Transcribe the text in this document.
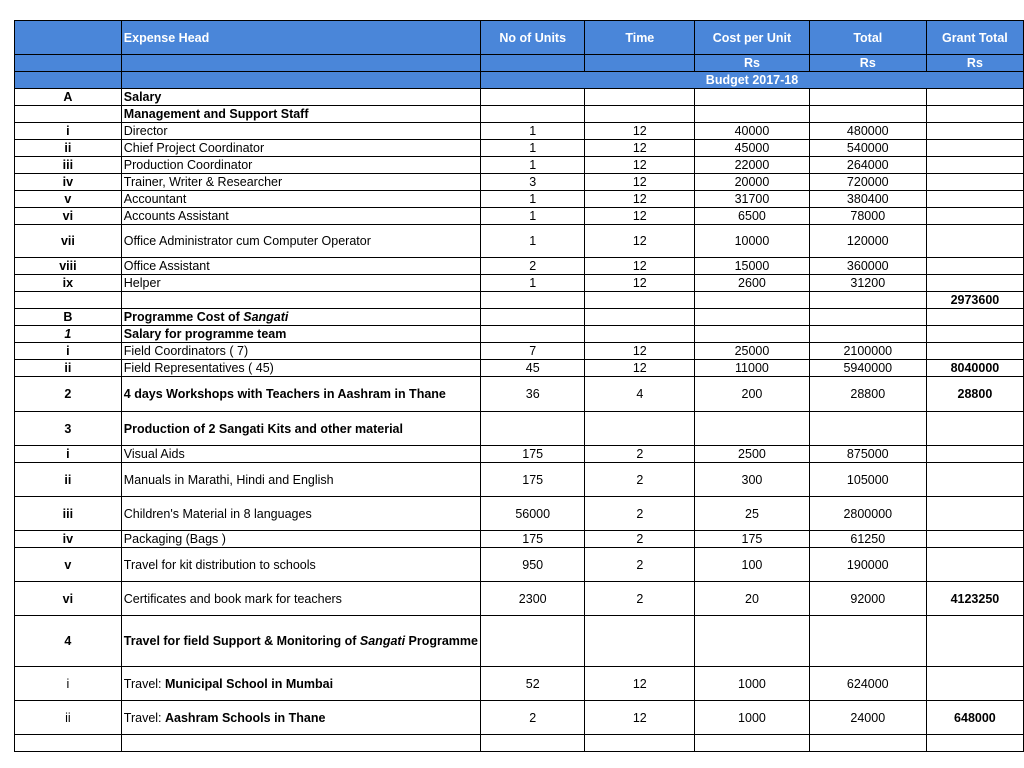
	Expense Head	No of Units	Time	Cost per Unit	Total	Grant Total
				Rs	Rs	Rs
		Budget 2017-18				
A	Salary					
	Management and Support Staff					
i	Director	1	12	40000	480000	
ii	Chief Project Coordinator	1	12	45000	540000	
iii	Production Coordinator	1	12	22000	264000	
iv	Trainer, Writer & Researcher	3	12	20000	720000	
v	Accountant	1	12	31700	380400	
vi	Accounts Assistant	1	12	6500	78000	
vii	Office Administrator cum Computer Operator	1	12	10000	120000	
viii	Office Assistant	2	12	15000	360000	
ix	Helper	1	12	2600	31200	
						2973600
B	Programme Cost of Sangati					
1	Salary for programme team					
i	Field Coordinators ( 7)	7	12	25000	2100000	
ii	Field Representatives ( 45)	45	12	11000	5940000	8040000
2	4 days Workshops with Teachers in Aashram in Thane	36	4	200	28800	28800
3	Production of 2 Sangati Kits and other material					
i	Visual Aids	175	2	2500	875000	
ii	Manuals in Marathi, Hindi and English	175	2	300	105000	
iii	Children's Material in 8 languages	56000	2	25	2800000	
iv	Packaging (Bags )	175	2	175	61250	
v	Travel for kit distribution to schools	950	2	100	190000	
vi	Certificates and book mark for teachers	2300	2	20	92000	4123250
4	Travel for field Support & Monitoring of Sangati Programme					
i	Travel: Municipal School in Mumbai	52	12	1000	624000	
ii	Travel: Aashram Schools in Thane	2	12	1000	24000	648000
